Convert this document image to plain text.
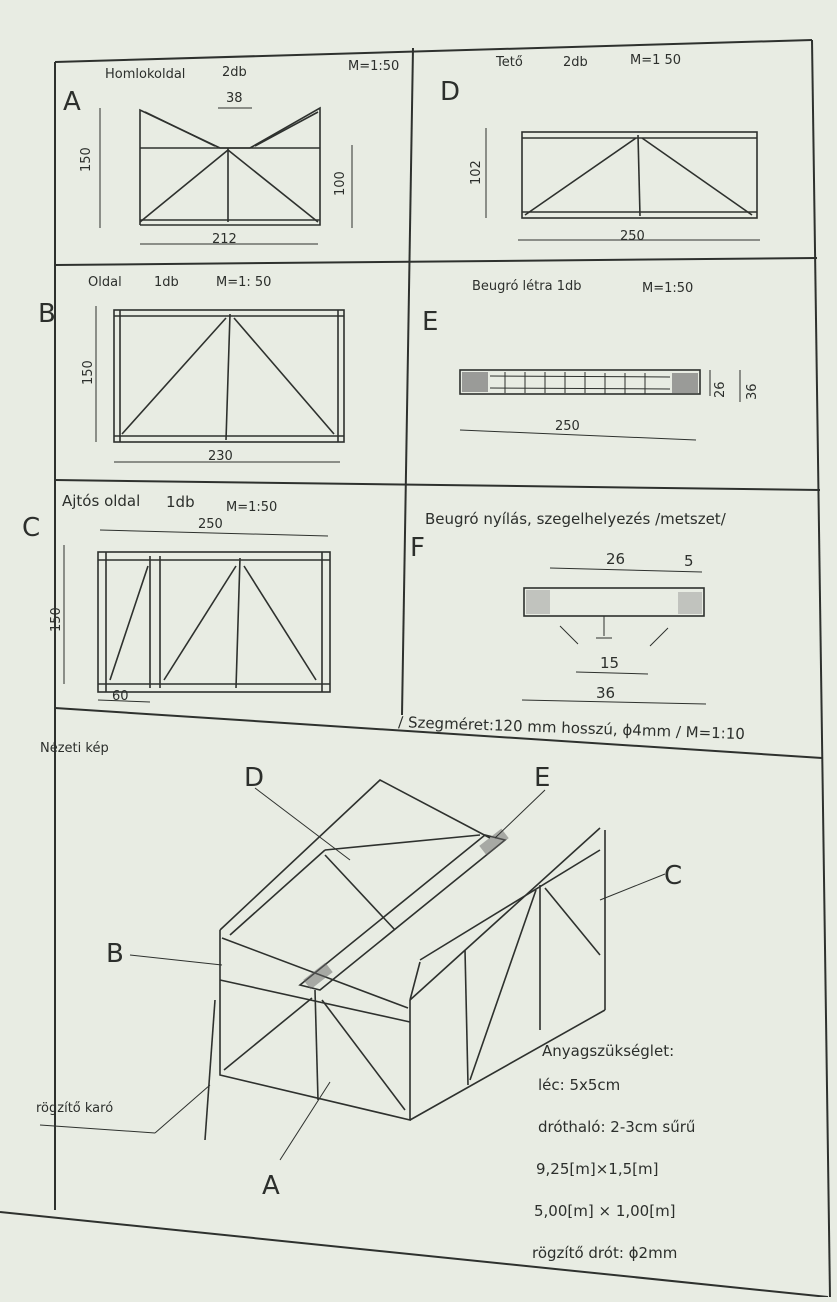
A
Homlokoldal	2db	M=1:50
150
38
100
212
D
Tető	2db	M=1 50
102
250
B
Oldal 1db	M=1: 50
150
230
E
Beugró létra 1db	M=1:50
250
26 36
C
Ajtós oldal 1db M=1:50
250
150
60
F
Beugró nyílás, szegelhelyezés /metszet/
26	5
15
36
/ Szegméret:120 mm hosszú, ϕ4mm / M=1:10
Nézeti kép
D	E
C
B
A
rögzítő karó
Anyagszükséglet:
léc: 5x5cm
dróthaló: 2-3cm sűrű
9,25[m]×1,5[m]
5,00[m] × 1,00[m]
rögzítő drót: ϕ2mm
